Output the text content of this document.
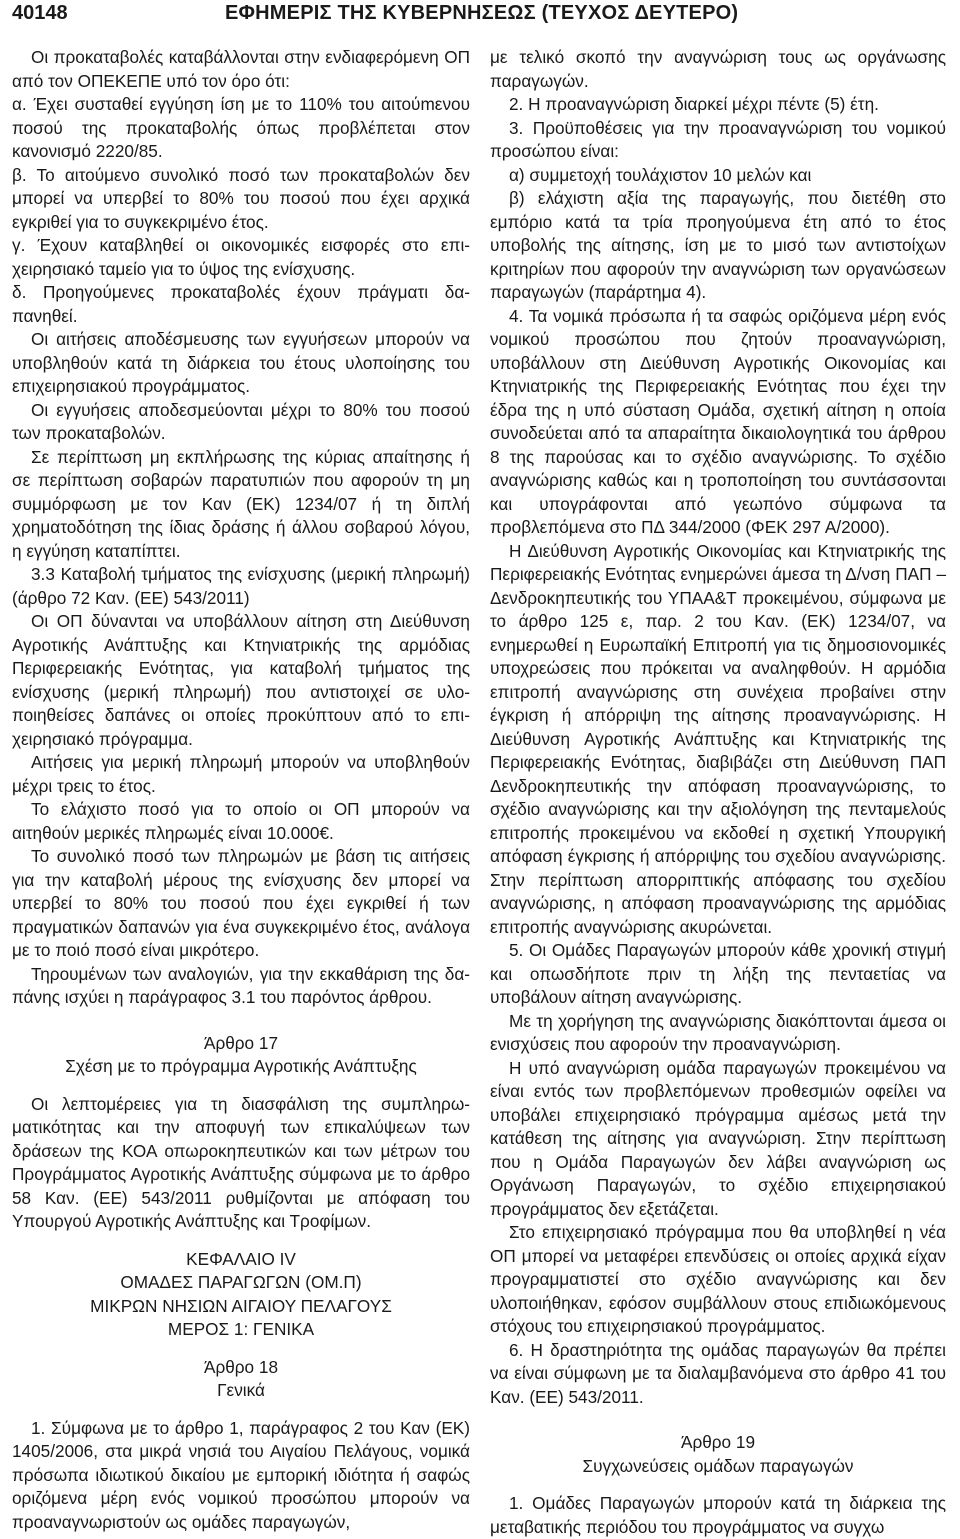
40148	ΕΦΗΜΕΡΙΣ ΤΗΣ ΚΥΒΕΡΝΗΣΕΩΣ (ΤΕΥΧΟΣ ΔΕΥΤΕΡΟ)

Οι προκαταβολές καταβάλλονται στην ενδιαφερόμενη ΟΠ από τον ΟΠΕΚΕΠΕ υπό τον όρο ότι:

α. Έχει συσταθεί εγγύηση ίση με το 110% του αιτούmενου ποσού της προκαταβολής όπως προβλέπεται στον κανονισμό 2220/85.

β. Το αιτούμενο συνολικό ποσό των προκαταβολών δεν μπορεί να υπερβεί το 80% του ποσού που έχει αρχικά εγκριθεί για το συγκεκριμένο έτος.

γ. Έχουν καταβληθεί οι οικονομικές εισφορές στο επιχειρησιακό ταμείο για το ύψος της ενίσχυσης.

δ. Προηγούμενες προκαταβολές έχουν πράγματι δαπανηθεί.

Οι αιτήσεις αποδέσμευσης των εγγυήσεων μπορούν να υποβληθούν κατά τη διάρκεια του έτους υλοποίησης του επιχειρησιακού προγράμματος.

Οι εγγυήσεις αποδεσμεύονται μέχρι το 80% του ποσού των προκαταβολών.

Σε περίπτωση μη εκπλήρωσης της κύριας απαίτησης ή σε περίπτωση σοβαρών παρατυπιών που αφορούν τη μη συμμόρφωση με τον Καν (ΕΚ) 1234/07 ή τη διπλή χρηματοδότηση της ίδιας δράσης ή άλλου σοβαρού λόγου, η εγγύηση καταπίπτει.

3.3 Καταβολή τμήματος της ενίσχυσης (μερική πληρωμή) (άρθρο 72 Καν. (ΕΕ) 543/2011)

Οι ΟΠ δύνανται να υποβάλλουν αίτηση στη Διεύθυνση Αγροτικής Ανάπτυξης και Κτηνιατρικής της αρμόδιας Περιφερειακής Ενότητας, για καταβολή τμήματος της ενίσχυσης (μερική πληρωμή) που αντιστοιχεί σε υλοποιηθείσες δαπάνες οι οποίες προκύπτουν από το επιχειρησιακό πρόγραμμα.

Αιτήσεις για μερική πληρωμή μπορούν να υποβληθούν μέχρι τρεις το έτος.

Το ελάχιστο ποσό για το οποίο οι ΟΠ μπορούν να αιτηθούν μερικές πληρωμές είναι 10.000€.

Το συνολικό ποσό των πληρωμών με βάση τις αιτήσεις για την καταβολή μέρους της ενίσχυσης δεν μπορεί να υπερβεί το 80% του ποσού που έχει εγκριθεί ή των πραγματικών δαπανών για ένα συγκεκριμένο έτος, ανάλογα με το ποιό ποσό είναι μικρότερο.

Τηρουμένων των αναλογιών, για την εκκαθάριση της δαπάνης ισχύει η παράγραφος 3.1 του παρόντος άρθρου.

Άρθρο 17

Σχέση με το πρόγραμμα Αγροτικής Ανάπτυξης

Οι λεπτομέρειες για τη διασφάλιση της συμπληρωματικότητας και την αποφυγή των επικαλύψεων των δράσεων της ΚΟΑ οπωροκηπευτικών και των μέτρων του Προγράμματος Αγροτικής Ανάπτυξης σύμφωνα με το άρθρο 58 Καν. (ΕΕ) 543/2011 ρυθμίζονται με απόφαση του Υπουργού Αγροτικής Ανάπτυξης και Τροφίμων.

ΚΕΦΑΛΑΙΟ IV

ΟΜΑΔΕΣ ΠΑΡΑΓΩΓΩΝ (ΟΜ.Π)

ΜΙΚΡΩΝ ΝΗΣΙΩΝ ΑΙΓΑΙΟΥ ΠΕΛΑΓΟΥΣ

ΜΕΡΟΣ 1: ΓΕΝΙΚΑ

Άρθρο 18

Γενικά

1. Σύμφωνα με το άρθρο 1, παράγραφος 2 του Καν (ΕΚ) 1405/2006, στα μικρά νησιά του Αιγαίου Πελάγους, νομικά πρόσωπα ιδιωτικού δικαίου με εμπορική ιδιότητα ή σαφώς οριζόμενα μέρη ενός νομικού προσώπου μπορούν να προαναγνωριστούν ως ομάδες παραγωγών,

με τελικό σκοπό την αναγνώριση τους ως οργάνωσης παραγωγών.

2. Η προαναγνώριση διαρκεί μέχρι πέντε (5) έτη.

3. Προϋποθέσεις για την προαναγνώριση του νομικού προσώπου είναι:

α) συμμετοχή τουλάχιστον 10 μελών και

β) ελάχιστη αξία της παραγωγής, που διετέθη στο εμπόριο κατά τα τρία προηγούμενα έτη από το έτος υποβολής της αίτησης, ίση με το μισό των αντιστοίχων κριτηρίων που αφορούν την αναγνώριση των οργανώσεων παραγωγών (παράρτημα 4).

4. Τα νομικά πρόσωπα ή τα σαφώς οριζόμενα μέρη ενός νομικού προσώπου που ζητούν προαναγνώριση, υποβάλλουν στη Διεύθυνση Αγροτικής Οικονομίας και Κτηνιατρικής της Περιφερειακής Ενότητας που έχει την έδρα της η υπό σύσταση Ομάδα, σχετική αίτηση η οποία συνοδεύεται από τα απαραίτητα δικαιολογητικά του άρθρου 8 της παρούσας και το σχέδιο αναγνώρισης. Το σχέδιο αναγνώρισης καθώς και η τροποποίηση του συντάσσονται και υπογράφονται από γεωπόνο σύμφωνα τα προβλεπόμενα στο ΠΔ 344/2000 (ΦΕΚ 297 Α/2000).

Η Διεύθυνση Αγροτικής Οικονομίας και Κτηνιατρικής της Περιφερειακής Ενότητας ενημερώνει άμεσα τη Δ/νση ΠΑΠ – Δενδροκηπευτικής του ΥΠΑΑ&Τ προκειμένου, σύμφωνα με το άρθρο 125 ε, παρ. 2 του Καν. (ΕΚ) 1234/07, να ενημερωθεί η Ευρωπαϊκή Επιτροπή για τις δημοσιονομικές υποχρεώσεις που πρόκειται να αναληφθούν. Η αρμόδια επιτροπή αναγνώρισης στη συνέχεια προβαίνει στην έγκριση ή απόρριψη της αίτησης προαναγνώρισης. Η Διεύθυνση Αγροτικής Ανάπτυξης και Κτηνιατρικής της Περιφερειακής Ενότητας, διαβιβάζει στη Διεύθυνση ΠΑΠ Δενδροκηπευτικής την απόφαση προαναγνώρισης, το σχέδιο αναγνώρισης και την αξιολόγηση της πενταμελούς επιτροπής προκειμένου να εκδοθεί η σχετική Υπουργική απόφαση έγκρισης ή απόρριψης του σχεδίου αναγνώρισης. Στην περίπτωση απορριπτικής απόφασης του σχεδίου αναγνώρισης, η απόφαση προαναγνώρισης της αρμόδιας επιτροπής αναγνώρισης ακυρώνεται.

5. Οι Ομάδες Παραγωγών μπορούν κάθε χρονική στιγμή και οπωσδήποτε πριν τη λήξη της πενταετίας να υποβάλουν αίτηση αναγνώρισης.

Με τη χορήγηση της αναγνώρισης διακόπτονται άμεσα οι ενισχύσεις που αφορούν την προαναγνώριση.

Η υπό αναγνώριση ομάδα παραγωγών προκειμένου να είναι εντός των προβλεπόμενων προθεσμιών οφείλει να υποβάλει επιχειρησιακό πρόγραμμα αμέσως μετά την κατάθεση της αίτησης για αναγνώριση. Στην περίπτωση που η Ομάδα Παραγωγών δεν λάβει αναγνώριση ως Οργάνωση Παραγωγών, το σχέδιο επιχειρησιακού προγράμματος δεν εξετάζεται.

Στο επιχειρησιακό πρόγραμμα που θα υποβληθεί η νέα ΟΠ μπορεί να μεταφέρει επενδύσεις οι οποίες αρχικά είχαν προγραμματιστεί στο σχέδιο αναγνώρισης και δεν υλοποιήθηκαν, εφόσον συμβάλλουν στους επιδιωκόμενους στόχους του επιχειρησιακού προγράμματος.

6. Η δραστηριότητα της ομάδας παραγωγών θα πρέπει να είναι σύμφωνη με τα διαλαμβανόμενα στο άρθρο 41 του Καν. (ΕΕ) 543/2011.

Άρθρο 19

Συγχωνεύσεις ομάδων παραγωγών

1. Ομάδες Παραγωγών μπορούν κατά τη διάρκεια της μεταβατικής περιόδου του προγράμματος να συγχω
